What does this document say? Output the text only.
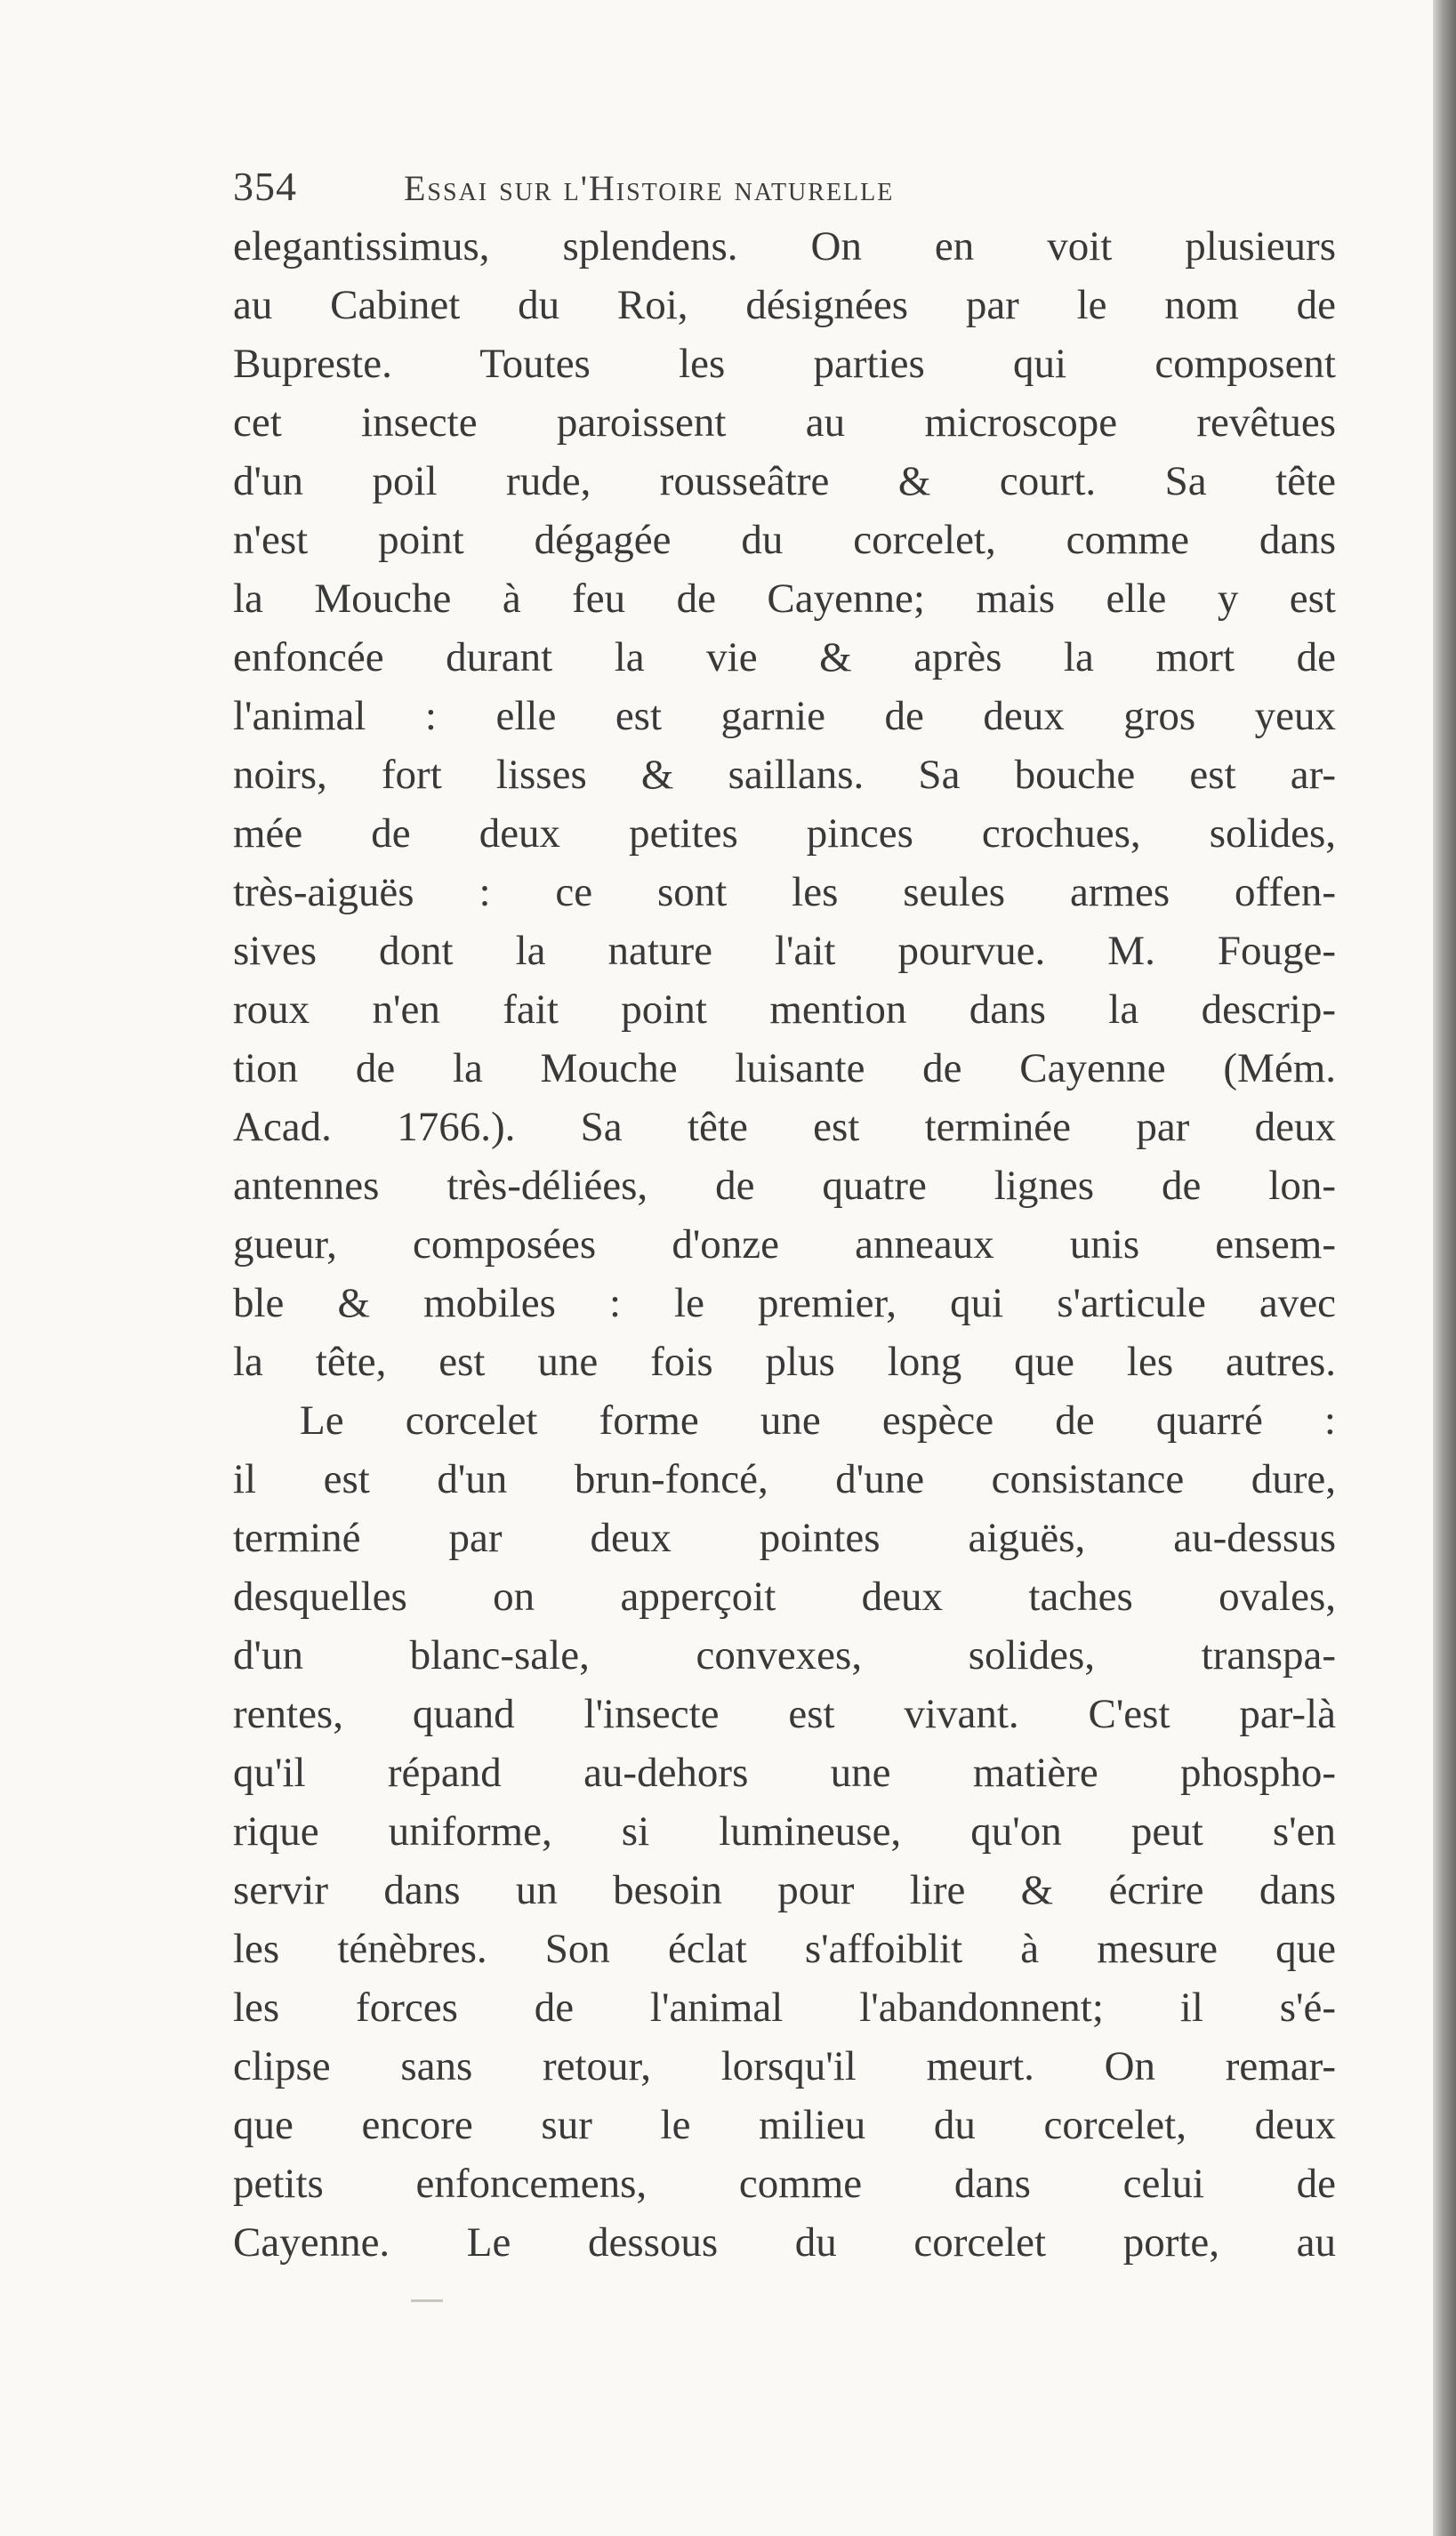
354	Essai sur l'Histoire naturelle
elegantissimus, splendens. On en voit plusieurs
au Cabinet du Roi, désignées par le nom de
Bupreste. Toutes les parties qui composent
cet insecte paroissent au microscope revêtues
d'un poil rude, rousseâtre & court. Sa tête
n'est point dégagée du corcelet, comme dans
la Mouche à feu de Cayenne; mais elle y est
enfoncée durant la vie & après la mort de
l'animal : elle est garnie de deux gros yeux
noirs, fort lisses & saillans. Sa bouche est ar-
mée de deux petites pinces crochues, solides,
très-aiguës : ce sont les seules armes offen-
sives dont la nature l'ait pourvue. M. Fouge-
roux n'en fait point mention dans la descrip-
tion de la Mouche luisante de Cayenne (Mém.
Acad. 1766.). Sa tête est terminée par deux
antennes très-déliées, de quatre lignes de lon-
gueur, composées d'onze anneaux unis ensem-
ble & mobiles : le premier, qui s'articule avec
la tête, est une fois plus long que les autres.
Le corcelet forme une espèce de quarré :
il est d'un brun-foncé, d'une consistance dure,
terminé par deux pointes aiguës, au-dessus
desquelles on apperçoit deux taches ovales,
d'un blanc-sale, convexes, solides, transpa-
rentes, quand l'insecte est vivant. C'est par-là
qu'il répand au-dehors une matière phospho-
rique uniforme, si lumineuse, qu'on peut s'en
servir dans un besoin pour lire & écrire dans
les ténèbres. Son éclat s'affoiblit à mesure que
les forces de l'animal l'abandonnent; il s'é-
clipse sans retour, lorsqu'il meurt. On remar-
que encore sur le milieu du corcelet, deux
petits enfoncemens, comme dans celui de
Cayenne. Le dessous du corcelet porte, au
